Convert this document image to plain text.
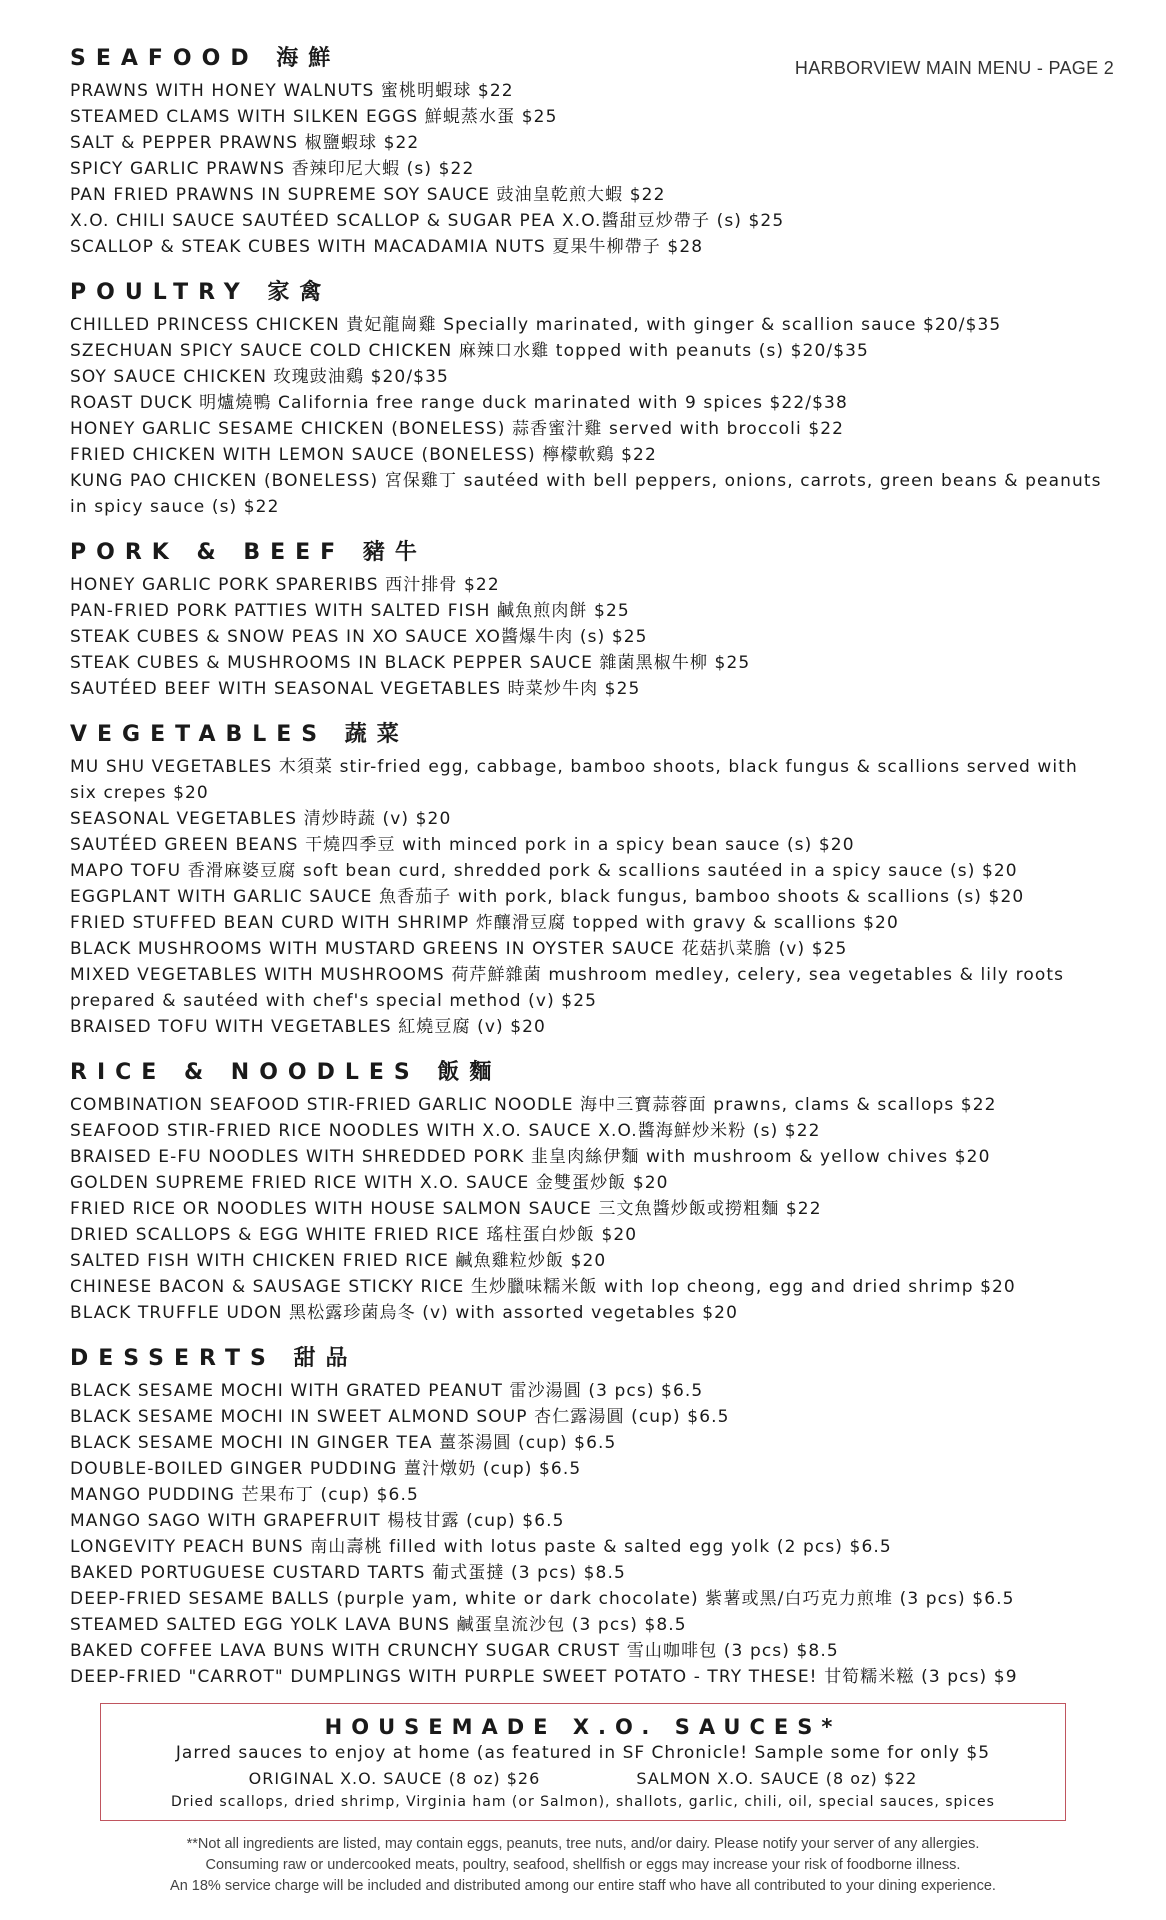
HARBORVIEW MAIN MENU - PAGE 2
SEAFOOD 海鮮
PRAWNS WITH HONEY WALNUTS 蜜桃明蝦球 $22
STEAMED CLAMS WITH SILKEN EGGS 鮮蜆蒸水蛋 $25
SALT & PEPPER PRAWNS 椒鹽蝦球 $22
SPICY GARLIC PRAWNS 香辣印尼大蝦 (s) $22
PAN FRIED PRAWNS IN SUPREME SOY SAUCE 豉油皇乾煎大蝦 $22
X.O. CHILI SAUCE SAUTÉED SCALLOP & SUGAR PEA X.O.醬甜豆炒帶子 (s) $25
SCALLOP & STEAK CUBES WITH MACADAMIA NUTS 夏果牛柳帶子 $28
POULTRY 家禽
CHILLED PRINCESS CHICKEN 貴妃龍崗雞 Specially marinated, with ginger & scallion sauce $20/$35
SZECHUAN SPICY SAUCE COLD CHICKEN 麻辣口水雞 topped with peanuts (s) $20/$35
SOY SAUCE CHICKEN 玫瑰豉油鷄 $20/$35
ROAST DUCK 明爐燒鴨 California free range duck marinated with 9 spices $22/$38
HONEY GARLIC SESAME CHICKEN (BONELESS) 蒜香蜜汁雞 served with broccoli $22
FRIED CHICKEN WITH LEMON SAUCE (BONELESS) 檸檬軟鷄 $22
KUNG PAO CHICKEN (BONELESS) 宮保雞丁 sautéed with bell peppers, onions, carrots, green beans & peanuts in spicy sauce (s) $22
PORK & BEEF 豬牛
HONEY GARLIC PORK SPARERIBS 西汁排骨 $22
PAN-FRIED PORK PATTIES WITH SALTED FISH 鹹魚煎肉餅 $25
STEAK CUBES & SNOW PEAS IN XO SAUCE XO醬爆牛肉 (s) $25
STEAK CUBES & MUSHROOMS IN BLACK PEPPER SAUCE 雜菌黑椒牛柳 $25
SAUTÉED BEEF WITH SEASONAL VEGETABLES 時菜炒牛肉 $25
VEGETABLES 蔬菜
MU SHU VEGETABLES 木須菜 stir-fried egg, cabbage, bamboo shoots, black fungus & scallions served with six crepes $20
SEASONAL VEGETABLES 清炒時蔬 (v) $20
SAUTÉED GREEN BEANS 干燒四季豆 with minced pork in a spicy bean sauce (s) $20
MAPO TOFU 香滑麻婆豆腐 soft bean curd, shredded pork & scallions sautéed in a spicy sauce (s) $20
EGGPLANT WITH GARLIC SAUCE 魚香茄子 with pork, black fungus, bamboo shoots & scallions (s) $20
FRIED STUFFED BEAN CURD WITH SHRIMP 炸釀滑豆腐 topped with gravy & scallions $20
BLACK MUSHROOMS WITH MUSTARD GREENS IN OYSTER SAUCE 花菇扒菜膽 (v) $25
MIXED VEGETABLES WITH MUSHROOMS 荷芹鮮雜菌 mushroom medley, celery, sea vegetables & lily roots prepared & sautéed with chef's special method (v) $25
BRAISED TOFU WITH VEGETABLES 紅燒豆腐 (v) $20
RICE & NOODLES 飯麵
COMBINATION SEAFOOD STIR-FRIED GARLIC NOODLE 海中三寶蒜蓉面 prawns, clams & scallops $22
SEAFOOD STIR-FRIED RICE NOODLES WITH X.O. SAUCE X.O.醬海鮮炒米粉 (s) $22
BRAISED E-FU NOODLES WITH SHREDDED PORK 韭皇肉絲伊麵 with mushroom & yellow chives $20
GOLDEN SUPREME FRIED RICE WITH X.O. SAUCE 金雙蛋炒飯 $20
FRIED RICE OR NOODLES WITH HOUSE SALMON SAUCE 三文魚醬炒飯或撈粗麵 $22
DRIED SCALLOPS & EGG WHITE FRIED RICE 瑤柱蛋白炒飯 $20
SALTED FISH WITH CHICKEN FRIED RICE 鹹魚雞粒炒飯 $20
CHINESE BACON & SAUSAGE STICKY RICE 生炒臘味糯米飯 with lop cheong, egg and dried shrimp $20
BLACK TRUFFLE UDON 黑松露珍菌烏冬 (v) with assorted vegetables $20
DESSERTS 甜品
BLACK SESAME MOCHI WITH GRATED PEANUT 雷沙湯圓 (3 pcs) $6.5
BLACK SESAME MOCHI IN SWEET ALMOND SOUP 杏仁露湯圓 (cup) $6.5
BLACK SESAME MOCHI IN GINGER TEA 薑茶湯圓 (cup) $6.5
DOUBLE-BOILED GINGER PUDDING 薑汁燉奶 (cup) $6.5
MANGO PUDDING 芒果布丁 (cup) $6.5
MANGO SAGO WITH GRAPEFRUIT 楊枝甘露 (cup) $6.5
LONGEVITY PEACH BUNS 南山壽桃 filled with lotus paste & salted egg yolk (2 pcs) $6.5
BAKED PORTUGUESE CUSTARD TARTS 葡式蛋撻 (3 pcs) $8.5
DEEP-FRIED SESAME BALLS (purple yam, white or dark chocolate) 紫薯或黑/白巧克力煎堆 (3 pcs) $6.5
STEAMED SALTED EGG YOLK LAVA BUNS 鹹蛋皇流沙包 (3 pcs) $8.5
BAKED COFFEE LAVA BUNS WITH CRUNCHY SUGAR CRUST 雪山咖啡包 (3 pcs) $8.5
DEEP-FRIED "CARROT" DUMPLINGS WITH PURPLE SWEET POTATO - TRY THESE! 甘筍糯米糍 (3 pcs) $9
HOUSEMADE X.O. SAUCES*
Jarred sauces to enjoy at home (as featured in SF Chronicle! Sample some for only $5
ORIGINAL X.O. SAUCE (8 oz) $26	SALMON X.O. SAUCE (8 oz) $22
Dried scallops, dried shrimp, Virginia ham (or Salmon), shallots, garlic, chili, oil, special sauces, spices
**Not all ingredients are listed, may contain eggs, peanuts, tree nuts, and/or dairy. Please notify your server of any allergies.
Consuming raw or undercooked meats, poultry, seafood, shellfish or eggs may increase your risk of foodborne illness.
An 18% service charge will be included and distributed among our entire staff who have all contributed to your dining experience.
